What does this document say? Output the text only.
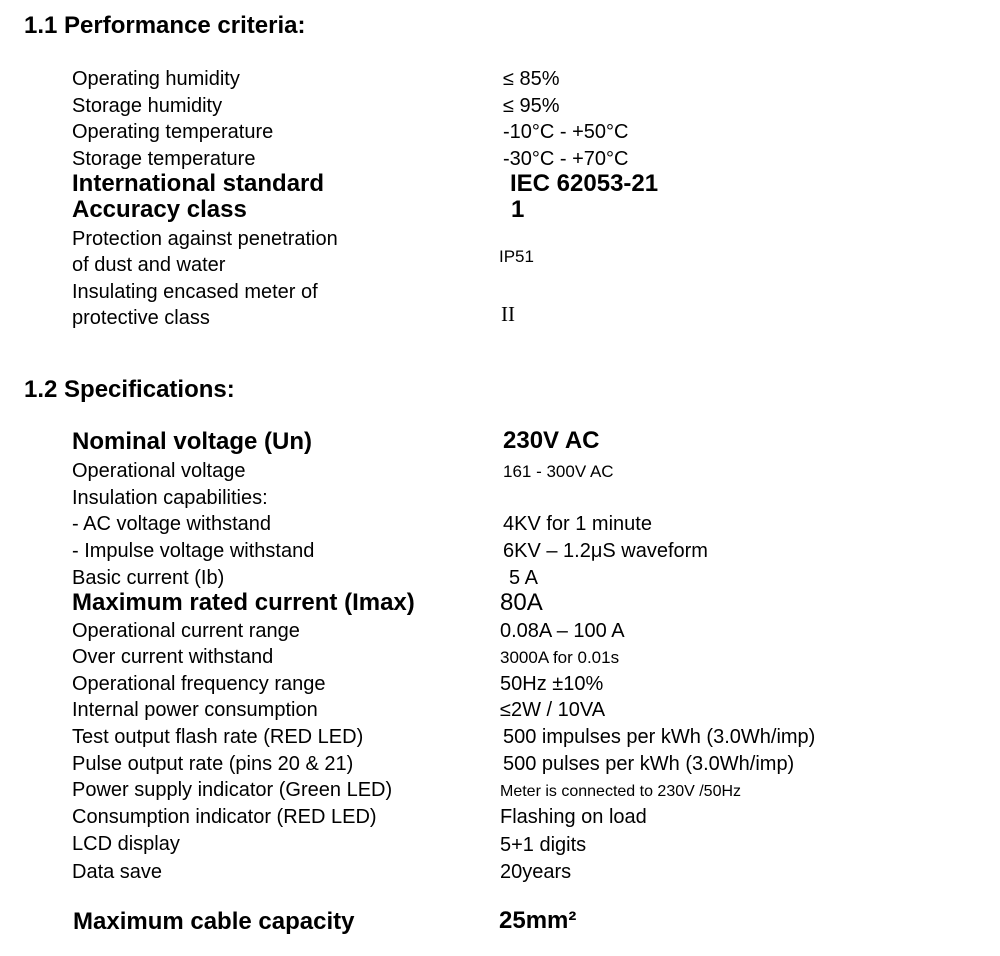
1.1 Performance criteria:
Operating humidity	≤ 85%
Storage humidity	≤ 95%
Operating temperature	-10°C - +50°C
Storage temperature	-30°C - +70°C
International standard	IEC 62053-21
Accuracy class	1
Protection against penetration
of dust and water	IP51
Insulating encased meter of
protective class	II
1.2 Specifications:
Nominal voltage (Un)	230V AC
Operational voltage	161 - 300V AC
Insulation capabilities:
- AC voltage withstand	4KV for 1 minute
- Impulse voltage withstand	6KV – 1.2μS waveform
Basic current (Ib)	5 A
Maximum rated current (Imax)	80A
Operational current range	0.08A – 100 A
Over current withstand	3000A for 0.01s
Operational frequency range	50Hz ±10%
Internal power consumption	≤2W / 10VA
Test output flash rate (RED LED)	500 impulses per kWh (3.0Wh/imp)
Pulse output rate (pins 20 & 21)	500 pulses per kWh (3.0Wh/imp)
Power supply indicator (Green LED)	Meter is connected to 230V /50Hz
Consumption indicator (RED LED)	Flashing on load
LCD display	5+1 digits
Data save	20years
Maximum cable capacity	25mm²
